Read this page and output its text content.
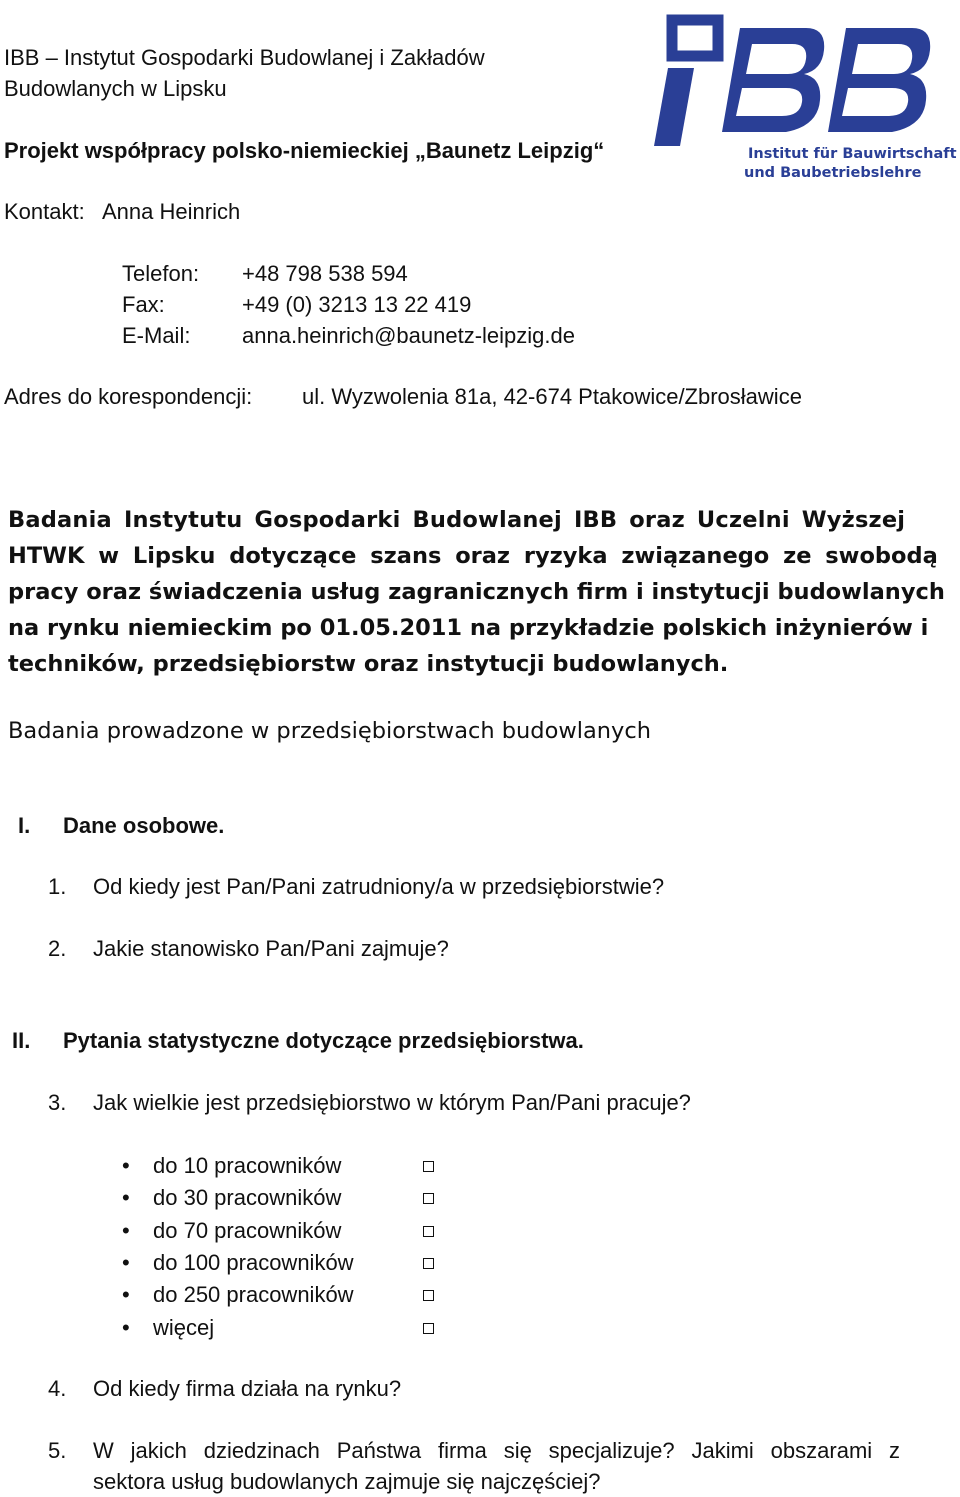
IBB – Instytut Gospodarki Budowlanej i Zakładów
Budowlanych w Lipsku
Projekt współpracy polsko-niemieckiej „Baunetz Leipzig“
Kontakt: Anna Heinrich
Telefon: +48 798 538 594
Fax:	+49 (0) 3213 13 22 419
E-Mail: anna.heinrich@baunetz-leipzig.de
Adres do korespondencji: ul. Wyzwolenia 81a, 42-674 Ptakowice/Zbrosławice
Institut für Bauwirtschaft
und Baubetriebslehre
Badania Instytutu Gospodarki Budowlanej IBB oraz Uczelni Wyższej
HTWK w Lipsku dotyczące szans oraz ryzyka związanego ze swobodą
pracy oraz świadczenia usług zagranicznych firm i instytucji budowlanych
na rynku niemieckim po 01.05.2011 na przykładzie polskich inżynierów i
techników, przedsiębiorstw oraz instytucji budowlanych.
Badania prowadzone w przedsiębiorstwach budowlanych
I. Dane osobowe.
1. Od kiedy jest Pan/Pani zatrudniony/a w przedsiębiorstwie?
2. Jakie stanowisko Pan/Pani zajmuje?
II. Pytania statystyczne dotyczące przedsiębiorstwa.
3. Jak wielkie jest przedsiębiorstwo w którym Pan/Pani pracuje?
• do 10 pracowników
• do 30 pracowników
• do 70 pracowników
• do 100 pracowników
• do 250 pracowników
• więcej
4. Od kiedy firma działa na rynku?
5. W jakich dziedzinach Państwa firma się specjalizuje? Jakimi obszarami z
sektora usług budowlanych zajmuje się najczęściej?
